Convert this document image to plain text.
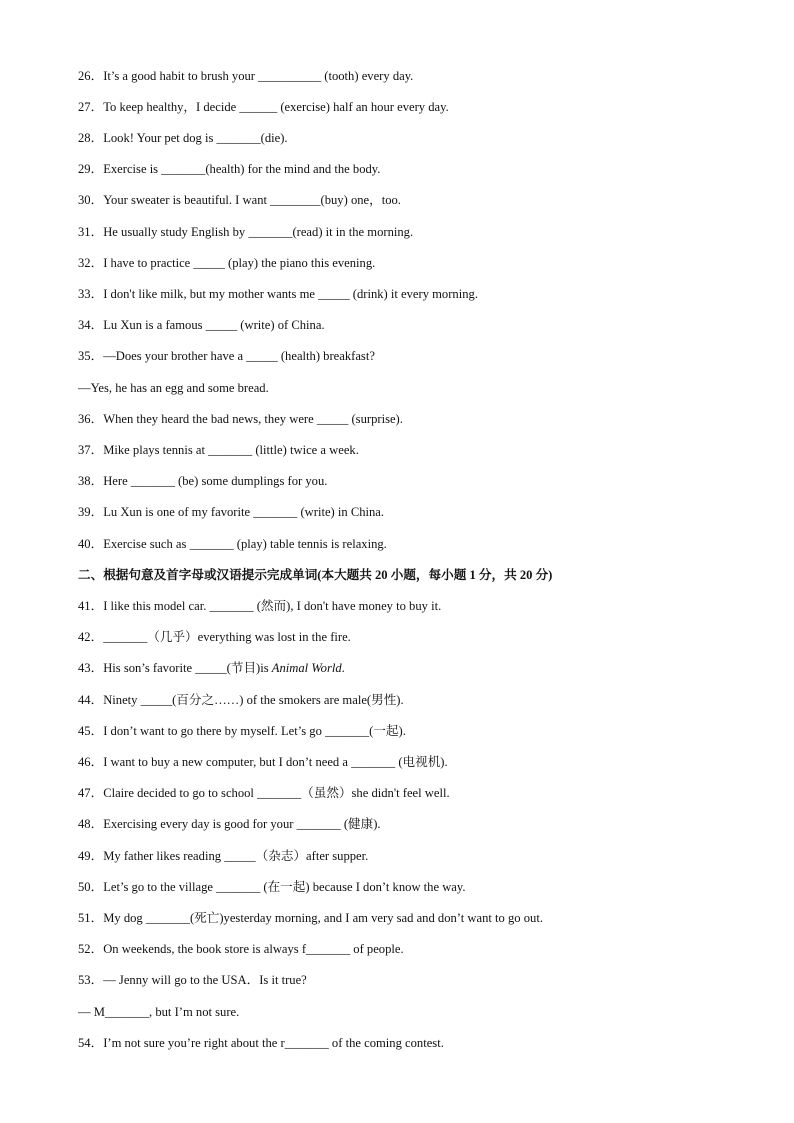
26．It’s a good habit to brush your __________ (tooth) every day.
27．To keep healthy，I decide ______ (exercise) half an hour every day.
28．Look! Your pet dog is _______(die).
29．Exercise is _______(health) for the mind and the body.
30．Your sweater is beautiful. I want ________(buy) one，too.
31．He usually study English by _______(read) it in the morning.
32．I have to practice _____ (play) the piano this evening.
33．I don't like milk, but my mother wants me _____ (drink) it every morning.
34．Lu Xun is a famous _____ (write) of China.
35．—Does your brother have a _____ (health) breakfast?
—Yes, he has an egg and some bread.
36．When they heard the bad news, they were _____ (surprise).
37．Mike plays tennis at _______ (little) twice a week.
38．Here _______ (be) some dumplings for you.
39．Lu Xun is one of my favorite _______ (write) in China.
40．Exercise such as _______ (play) table tennis is relaxing.
二、根据句意及首字母或汉语提示完成单词(本大题共 20 小题，每小题 1 分，共 20 分)
41．I like this model car. _______ (然而), I don't have money to buy it.
42．_______（几乎）everything was lost in the fire.
43．His son’s favorite _____(节目)is Animal World.
44．Ninety _____(百分之……) of the smokers are male(男性).
45．I don’t want to go there by myself. Let’s go _______(一起).
46．I want to buy a new computer, but I don’t need a _______ (电视机).
47．Claire decided to go to school _______（虽然）she didn't feel well.
48．Exercising every day is good for your _______ (健康).
49．My father likes reading _____（杂志）after supper.
50．Let’s go to the village _______ (在一起) because I don’t know the way.
51．My dog _______(死亡)yesterday morning, and I am very sad and don’t want to go out.
52．On weekends, the book store is always f_______ of people.
53．— Jenny will go to the USA．Is it true?
— M_______, but I’m not sure.
54．I’m not sure you’re right about the r_______ of the coming contest.
